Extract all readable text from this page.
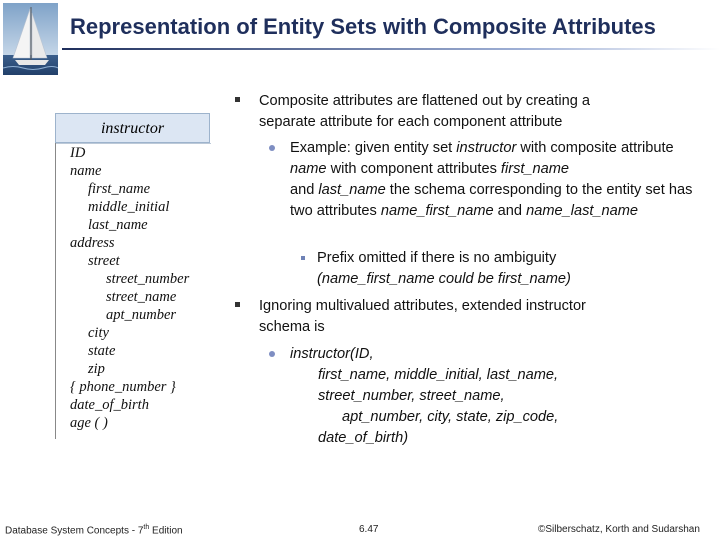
Representation of Entity Sets with Composite Attributes
instructor
ID
name
first_name
middle_initial
last_name
address
street
street_number
street_name
apt_number
city
state
zip
{ phone_number }
date_of_birth
age ( )
Composite attributes are flattened out by creating a
separate attribute for each component attribute
Example: given entity set instructor with composite attribute name with component attributes first_name
and last_name the schema corresponding to the entity set has two attributes name_first_name and name_last_name
Prefix omitted if there is no ambiguity
(name_first_name could be first_name)
Ignoring multivalued attributes, extended instructor
schema is
instructor(ID,
first_name, middle_initial, last_name,
street_number, street_name,
apt_number, city, state, zip_code,
date_of_birth)
Database System Concepts - 7th Edition	6.47	©Silberschatz, Korth and Sudarshan
